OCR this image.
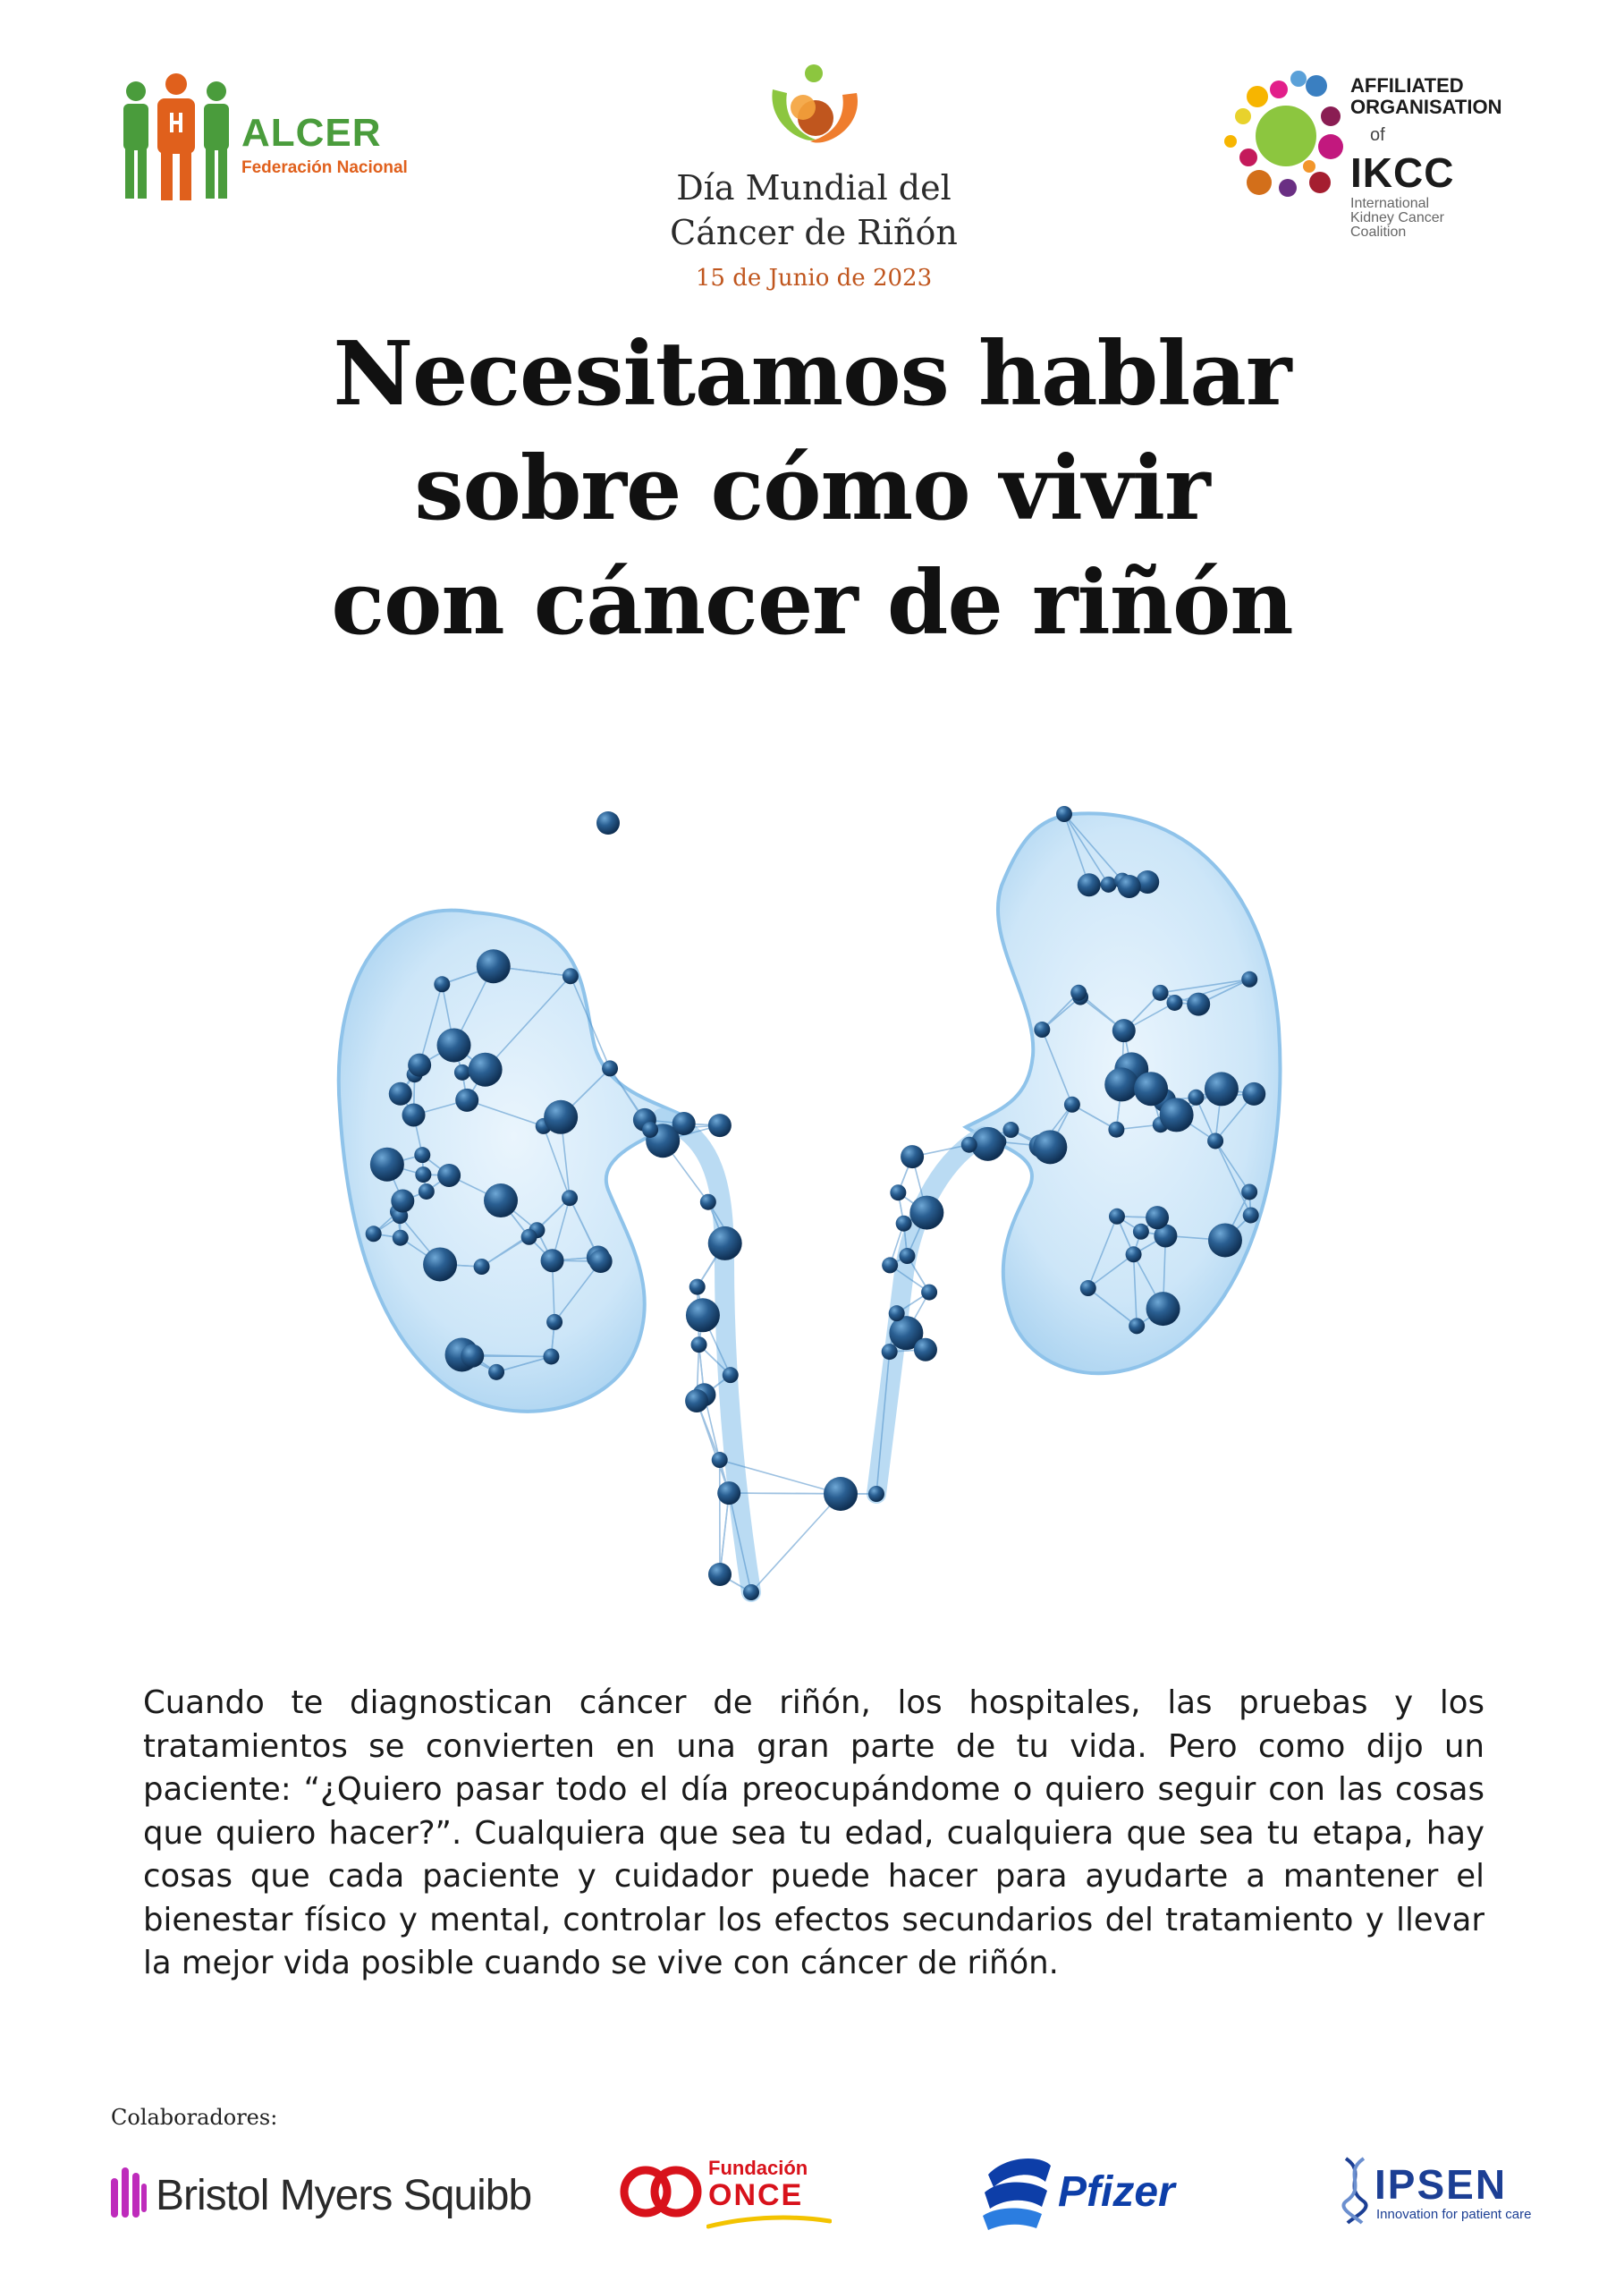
ALCER
Federación Nacional
Día Mundial del
Cáncer de Riñón
15 de Junio de 2023
AFFILIATED
ORGANISATION
of
IKCC
International
Kidney Cancer
Coalition
Necesitamos hablar
sobre cómo vivir
con cáncer de riñón
Cuando te diagnostican cáncer de riñón, los hospitales, las pruebas y los tratamientos se convierten en una gran parte de tu vida. Pero como dijo un paciente: “¿Quiero pasar todo el día preocupándome o quiero seguir con las cosas que quiero hacer?”. Cualquiera que sea tu edad, cualquiera que sea tu etapa, hay cosas que cada paciente y cuidador puede hacer para ayudarte a mantener el bienestar físico y mental, controlar los efectos secundarios del tratamiento y llevar la mejor vida posible cuando se vive con cáncer de riñón.
Colaboradores:
Bristol Myers Squibb
Fundación
ONCE	Pfizer	IPSEN
Innovation for patient care
